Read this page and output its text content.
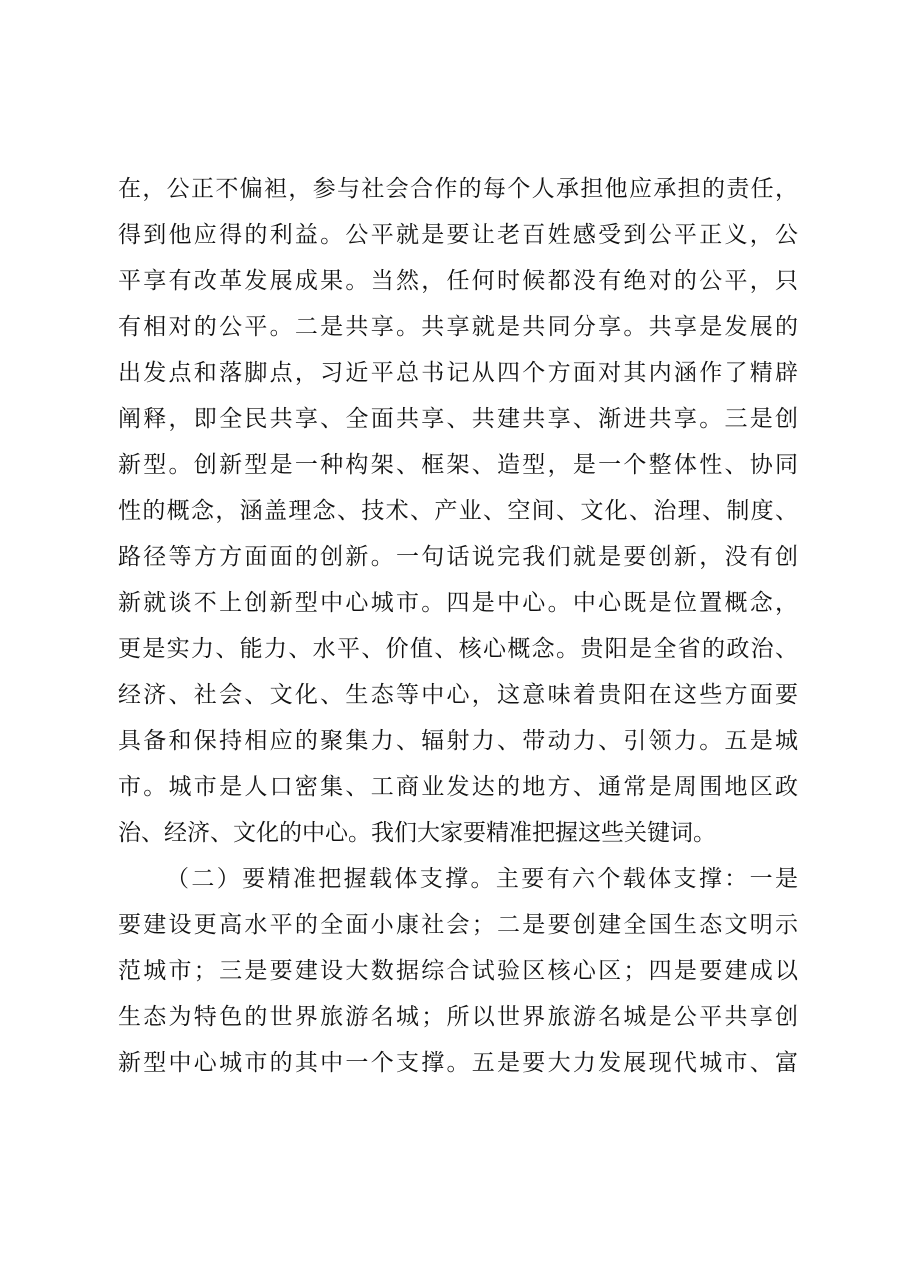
在，公正不偏袒，参与社会合作的每个人承担他应承担的责任，
得到他应得的利益。公平就是要让老百姓感受到公平正义，公
平享有改革发展成果。当然，任何时候都没有绝对的公平，只
有相对的公平。二是共享。共享就是共同分享。共享是发展的
出发点和落脚点，习近平总书记从四个方面对其内涵作了精辟
阐释，即全民共享、全面共享、共建共享、渐进共享。三是创
新型。创新型是一种构架、框架、造型，是一个整体性、协同
性的概念，涵盖理念、技术、产业、空间、文化、治理、制度、
路径等方方面面的创新。一句话说完我们就是要创新，没有创
新就谈不上创新型中心城市。四是中心。中心既是位置概念，
更是实力、能力、水平、价值、核心概念。贵阳是全省的政治、
经济、社会、文化、生态等中心，这意味着贵阳在这些方面要
具备和保持相应的聚集力、辐射力、带动力、引领力。五是城
市。城市是人口密集、工商业发达的地方、通常是周围地区政
治、经济、文化的中心。我们大家要精准把握这些关键词。
（二）要精准把握载体支撑。主要有六个载体支撑：一是
要建设更高水平的全面小康社会；二是要创建全国生态文明示
范城市；三是要建设大数据综合试验区核心区；四是要建成以
生态为特色的世界旅游名城；所以世界旅游名城是公平共享创
新型中心城市的其中一个支撑。五是要大力发展现代城市、富
